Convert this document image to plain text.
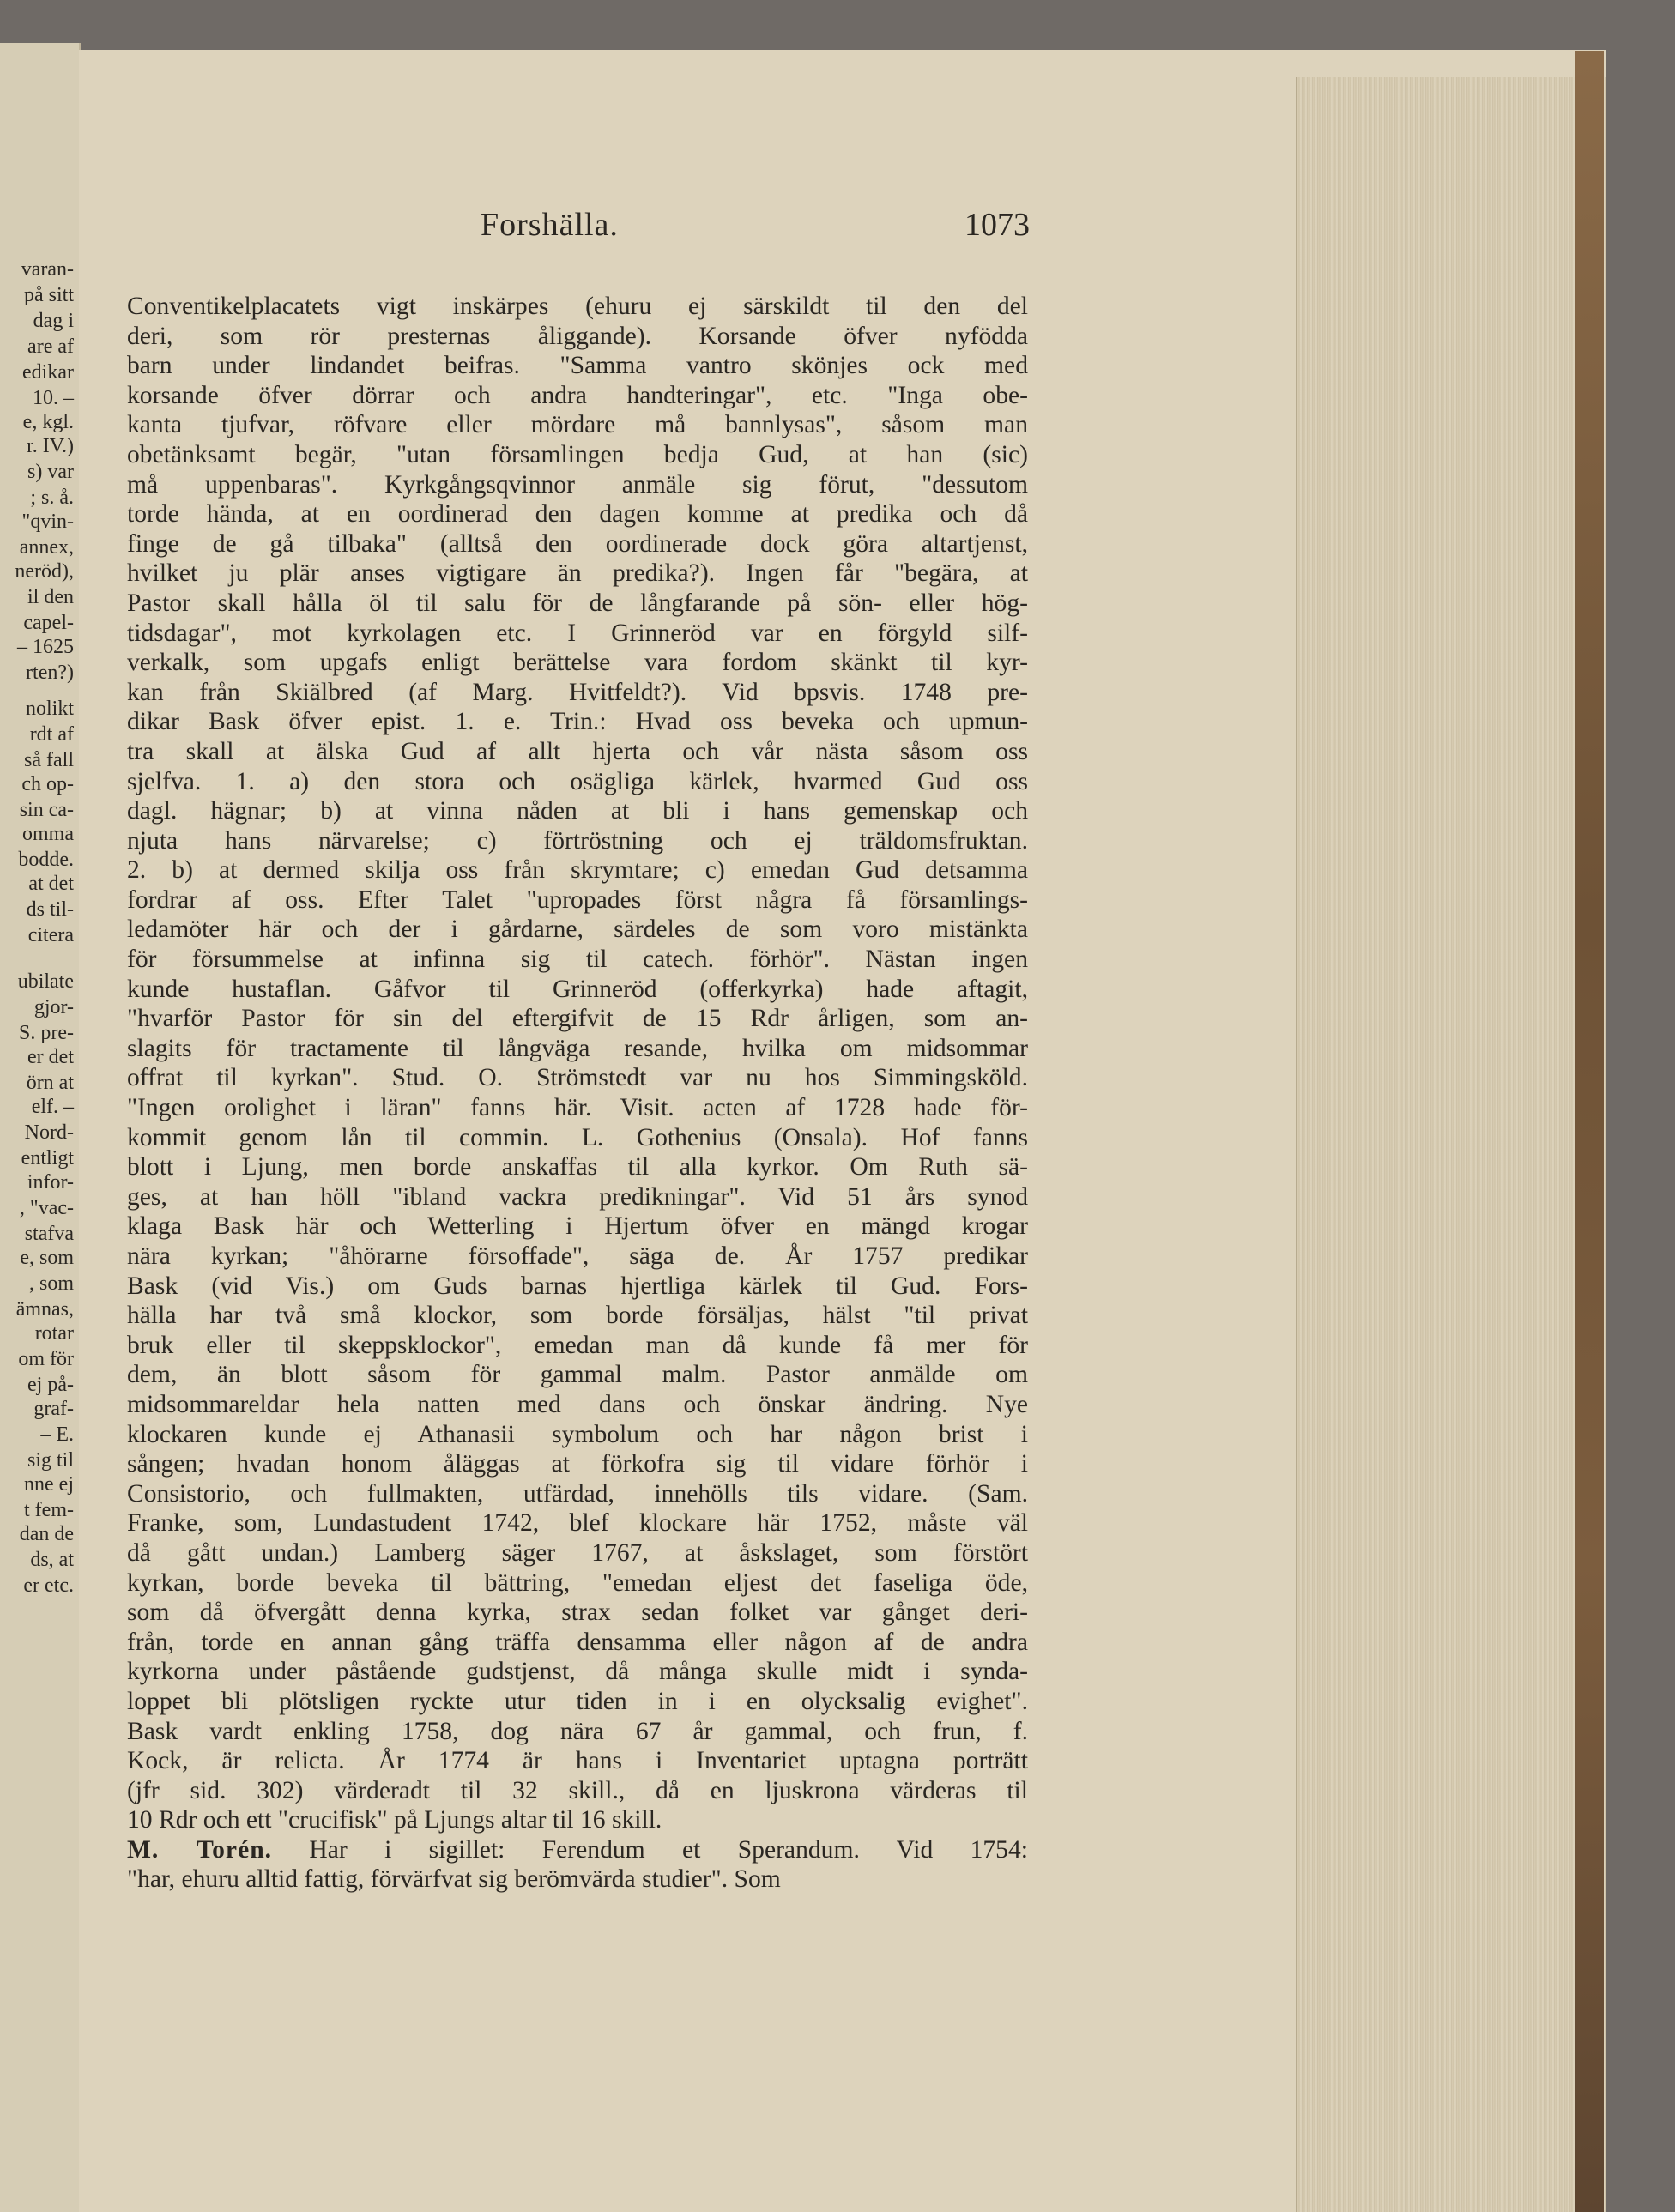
varan-
på sitt
dag i
are af
edikar
10. –
e, kgl.
r. IV.)
s) var
; s. å.
"qvin-
annex,
neröd),
il den
capel-
– 1625
rten?)
nolikt
rdt af
så fall
ch op-
sin ca-
omma
bodde.
at det
ds til-
citera
ubilate
gjor-
S. pre-
er det
örn at
elf. –
Nord-
entligt
infor-
, "vac-
stafva
e, som
, som
ämnas,
rotar
om för
ej på-
graf-
– E.
sig til
nne ej
t fem-
dan de
ds, at
er etc.
Forshälla.	1073
Conventikelplacatets vigt inskärpes (ehuru ej särskildt til den del
deri, som rör presternas åliggande). Korsande öfver nyfödda
barn under lindandet beifras. "Samma vantro skönjes ock med
korsande öfver dörrar och andra handteringar", etc. "Inga obe-
kanta tjufvar, röfvare eller mördare må bannlysas", såsom man
obetänksamt begär, "utan församlingen bedja Gud, at han (sic)
må uppenbaras". Kyrkgångsqvinnor anmäle sig förut, "dessutom
torde hända, at en oordinerad den dagen komme at predika och då
finge de gå tilbaka" (alltså den oordinerade dock göra altartjenst,
hvilket ju plär anses vigtigare än predika?). Ingen får "begära, at
Pastor skall hålla öl til salu för de långfarande på sön- eller hög-
tidsdagar", mot kyrkolagen etc. I Grinneröd var en förgyld silf-
verkalk, som upgafs enligt berättelse vara fordom skänkt til kyr-
kan från Skiälbred (af Marg. Hvitfeldt?). Vid bpsvis. 1748 pre-
dikar Bask öfver epist. 1. e. Trin.: Hvad oss beveka och upmun-
tra skall at älska Gud af allt hjerta och vår nästa såsom oss
sjelfva. 1. a) den stora och osägliga kärlek, hvarmed Gud oss
dagl. hägnar; b) at vinna nåden at bli i hans gemenskap och
njuta hans närvarelse; c) förtröstning och ej träldomsfruktan.
2. b) at dermed skilja oss från skrymtare; c) emedan Gud detsamma
fordrar af oss. Efter Talet "upropades först några få församlings-
ledamöter här och der i gårdarne, särdeles de som voro mistänkta
för försummelse at infinna sig til catech. förhör". Nästan ingen
kunde hustaflan. Gåfvor til Grinneröd (offerkyrka) hade aftagit,
"hvarför Pastor för sin del eftergifvit de 15 Rdr årligen, som an-
slagits för tractamente til långväga resande, hvilka om midsommar
offrat til kyrkan". Stud. O. Strömstedt var nu hos Simmingsköld.
"Ingen orolighet i läran" fanns här. Visit. acten af 1728 hade för-
kommit genom lån til commin. L. Gothenius (Onsala). Hof fanns
blott i Ljung, men borde anskaffas til alla kyrkor. Om Ruth sä-
ges, at han höll "ibland vackra predikningar". Vid 51 års synod
klaga Bask här och Wetterling i Hjertum öfver en mängd krogar
nära kyrkan; "åhörarne försoffade", säga de. År 1757 predikar
Bask (vid Vis.) om Guds barnas hjertliga kärlek til Gud. Fors-
hälla har två små klockor, som borde försäljas, hälst "til privat
bruk eller til skeppsklockor", emedan man då kunde få mer för
dem, än blott såsom för gammal malm. Pastor anmälde om
midsommareldar hela natten med dans och önskar ändring. Nye
klockaren kunde ej Athanasii symbolum och har någon brist i
sången; hvadan honom åläggas at förkofra sig til vidare förhör i
Consistorio, och fullmakten, utfärdad, innehölls tils vidare. (Sam.
Franke, som, Lundastudent 1742, blef klockare här 1752, måste väl
då gått undan.) Lamberg säger 1767, at åskslaget, som förstört
kyrkan, borde beveka til bättring, "emedan eljest det faseliga öde,
som då öfvergått denna kyrka, strax sedan folket var gånget deri-
från, torde en annan gång träffa densamma eller någon af de andra
kyrkorna under påstående gudstjenst, då många skulle midt i synda-
loppet bli plötsligen ryckte utur tiden in i en olycksalig evighet".
Bask vardt enkling 1758, dog nära 67 år gammal, och frun, f.
Kock, är relicta. År 1774 är hans i Inventariet uptagna porträtt
(jfr sid. 302) värderadt til 32 skill., då en ljuskrona värderas til
10 Rdr och ett "crucifisk" på Ljungs altar til 16 skill.
M. Torén. Har i sigillet: Ferendum et Sperandum. Vid 1754:
"har, ehuru alltid fattig, förvärfvat sig berömvärda studier". Som
